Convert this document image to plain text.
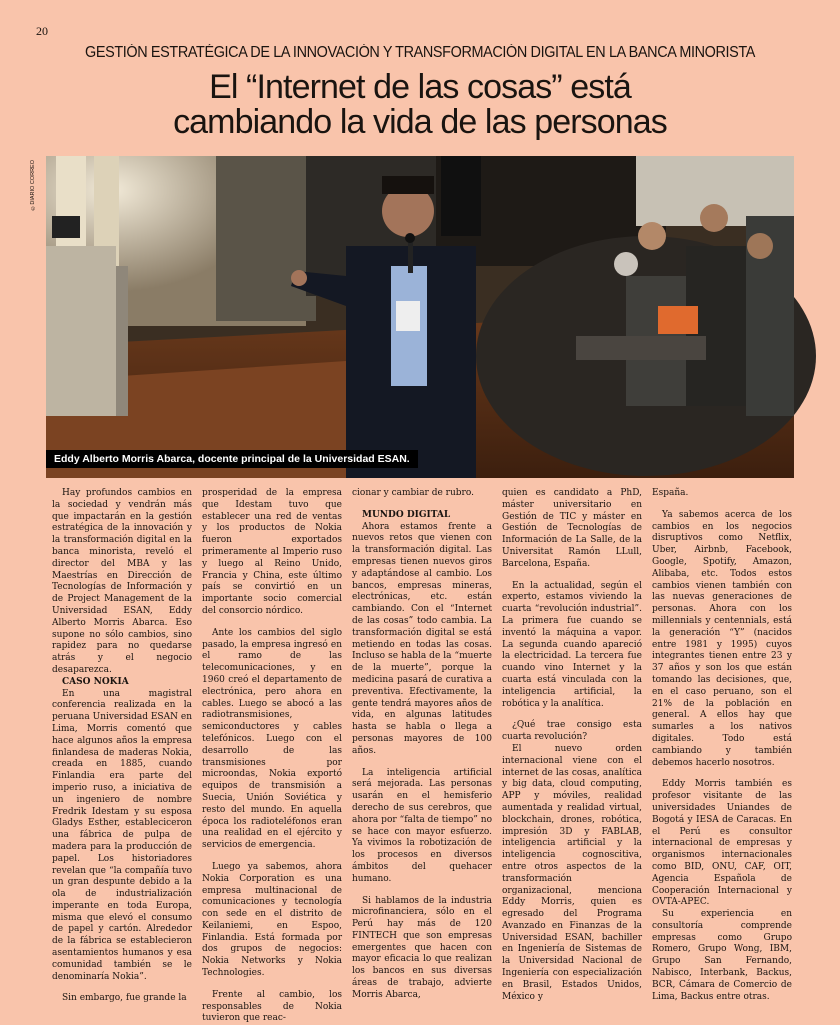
20
GESTIÓN ESTRATÉGICA DE LA INNOVACIÓN Y TRANSFORMACIÓN DIGITAL EN LA BANCA MINORISTA
El “Internet de las cosas” está
cambiando la vida de las personas
©DIARIO CORREO
Eddy Alberto Morris Abarca, docente principal de la Universidad ESAN.

Hay profundos cambios en la sociedad y vendrán más que impactarán en la gestión estratégica de la innovación y la transformación digital en la banca minorista, reveló el director del MBA y las Maestrías en Dirección de Tecnologías de Información y de Project Management de la Universidad ESAN, Eddy Alberto Morris Abarca. Eso supone no sólo cambios, sino rapidez para no quedarse atrás y el negocio desaparezca.

CASO NOKIA

En una magistral conferencia realizada en la peruana Universidad ESAN en Lima, Morris comentó que hace algunos años la empresa finlandesa de maderas Nokia, creada en 1885, cuando Finlandia era parte del imperio ruso, a iniciativa de un ingeniero de nombre Fredrik Idestam y su esposa Gladys Esther, estableciceron una fábrica de pulpa de madera para la producción de papel. Los historiadores revelan que “la compañía tuvo un gran despunte debido a la ola de industrialización imperante en toda Europa, misma que elevó el consumo de papel y cartón. Alrededor de la fábrica se establecieron asentamientos humanos y esa comunidad también se le denominaría Nokia”.

Sin embargo, fue grande la

prosperidad de la empresa que Idestam tuvo que establecer una red de ventas y los productos de Nokia fueron exportados primeramente al Imperio ruso y luego al Reino Unido, Francia y China, este último país se convirtió en un importante socio comercial del consorcio nórdico.

Ante los cambios del siglo pasado, la empresa ingresó en el ramo de las telecomunicaciones, y en 1960 creó el departamento de electrónica, pero ahora en cables. Luego se abocó a las radiotransmisiones, semiconductores y cables telefónicos. Luego con el desarrollo de las transmisiones por microondas, Nokia exportó equipos de transmisión a Suecia, Unión Soviética y resto del mundo. En aquella época los radioteléfonos eran una realidad en el ejército y servicios de emergencia.

Luego ya sabemos, ahora Nokia Corporation es una empresa multinacional de comunicaciones y tecnología con sede en el distrito de Keilaniemi, en Espoo, Finlandia. Está formada por dos grupos de negocios: Nokia Networks y Nokia Technologies.

Frente al cambio, los responsables de Nokia tuvieron que reac-

cionar y cambiar de rubro.

MUNDO DIGITAL

Ahora estamos frente a nuevos retos que vienen con la transformación digital. Las empresas tienen nuevos giros y adaptándose al cambio. Los bancos, empresas mineras, electrónicas, etc. están cambiando. Con el “Internet de las cosas” todo cambia. La transformación digital se está metiendo en todas las cosas. Incluso se habla de la “muerte de la muerte”, porque la medicina pasará de curativa a preventiva. Efectivamente, la gente tendrá mayores años de vida, en algunas latitudes hasta se habla o llega a personas mayores de 100 años.

La inteligencia artificial será mejorada. Las personas usarán en el hemisferio derecho de sus cerebros, que ahora por “falta de tiempo” no se hace con mayor esfuerzo. Ya vivimos la robotización de los procesos en diversos ámbitos del quehacer humano.

Si hablamos de la industria microfinanciera, sólo en el Perú hay más de 120 FINTECH que son empresas emergentes que hacen con mayor eficacia lo que realizan los bancos en sus diversas áreas de trabajo, advierte Morris Abarca,

quien es candidato a PhD, máster universitario en Gestión de TIC y máster en Gestión de Tecnologías de Información de La Salle, de la Universitat Ramón LLull, Barcelona, España.

En la actualidad, según el experto, estamos viviendo la cuarta “revolución industrial”. La primera fue cuando se inventó la máquina a vapor. La segunda cuando apareció la electricidad. La tercera fue cuando vino Internet y la cuarta está vinculada con la inteligencia artificial, la robótica y la analítica.

¿Qué trae consigo esta cuarta revolución?

El nuevo orden internacional viene con el internet de las cosas, analítica y big data, cloud computing, APP y móviles, realidad aumentada y realidad virtual, blockchain, drones, robótica, impresión 3D y FABLAB, inteligencia artificial y la inteligencia cognoscitiva, entre otros aspectos de la transformación organizacional, menciona Eddy Morris, quien es egresado del Programa Avanzado en Finanzas de la Universidad ESAN, bachiller en Ingeniería de Sistemas de la Universidad Nacional de Ingeniería con especialización en Brasil, Estados Unidos, México y

España.

Ya sabemos acerca de los cambios en los negocios disruptivos como Netflix, Uber, Airbnb, Facebook, Google, Spotify, Amazon, Alibaba, etc. Todos estos cambios vienen también con las nuevas generaciones de personas. Ahora con los millennials y centennials, está la generación “Y” (nacidos entre 1981 y 1995) cuyos integrantes tienen entre 23 y 37 años y son los que están tomando las decisiones, que, en el caso peruano, son el 21% de la población en general. A ellos hay que sumarles a los nativos digitales. Todo está cambiando y también debemos hacerlo nosotros.

Eddy Morris también es profesor visitante de las universidades Uniandes de Bogotá y IESA de Caracas. En el Perú es consultor internacional de empresas y organismos internacionales como BID, ONU, CAF, OIT, Agencia Española de Cooperación Internacional y OVTA-APEC.

Su experiencia en consultoría comprende empresas como Grupo Romero, Grupo Wong, IBM, Grupo San Fernando, Nabisco, Interbank, Backus, BCR, Cámara de Comercio de Lima, Backus entre otras.
